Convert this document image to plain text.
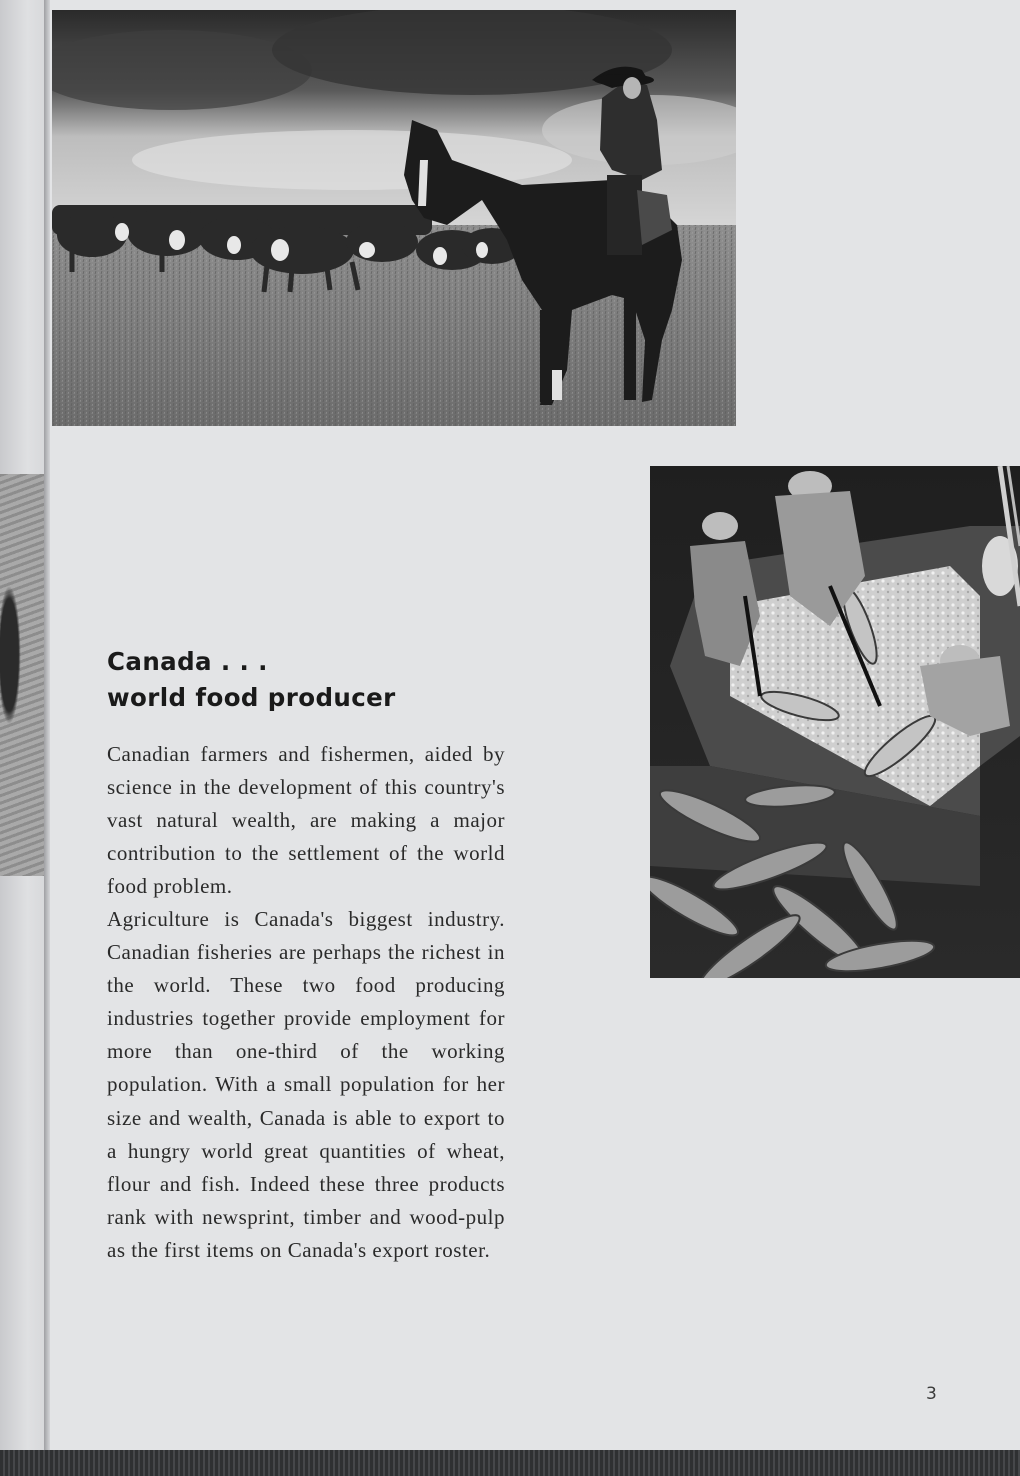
Canada . . .
world food producer

Canadian farmers and fishermen, aided by science in the development of this country's vast natural wealth, are making a major contribution to the settlement of the world food problem.

Agriculture is Canada's biggest industry. Canadian fisheries are perhaps the richest in the world. These two food producing industries together provide employment for more than one-third of the working population. With a small population for her size and wealth, Canada is able to export to a hungry world great quantities of wheat, flour and fish. Indeed these three products rank with newsprint, timber and wood-pulp as the first items on Canada's export roster.

3
